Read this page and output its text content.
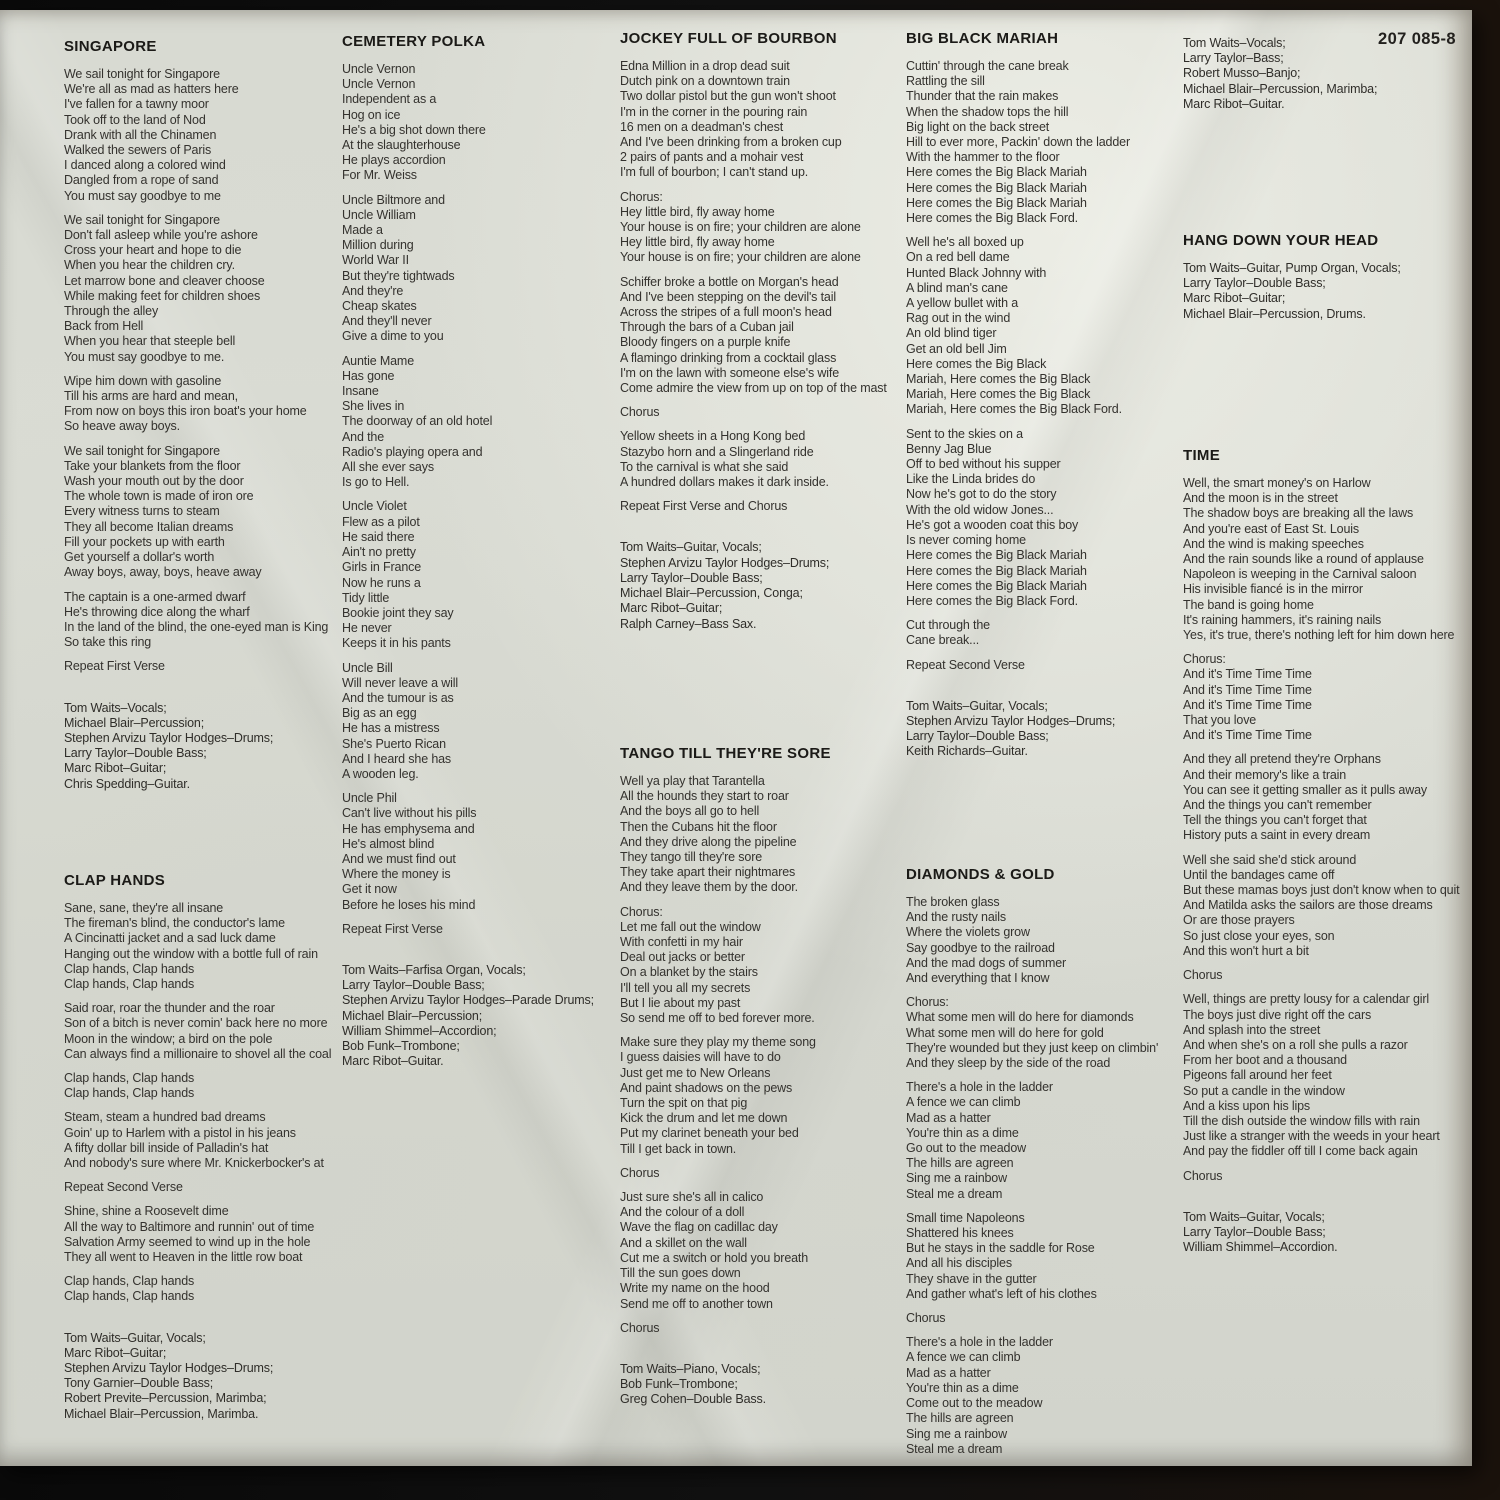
207 085-8
SINGAPORE
We sail tonight for Singapore
We're all as mad as hatters here
I've fallen for a tawny moor
Took off to the land of Nod
Drank with all the Chinamen
Walked the sewers of Paris
I danced along a colored wind
Dangled from a rope of sand
You must say goodbye to me
We sail tonight for Singapore
Don't fall asleep while you're ashore
Cross your heart and hope to die
When you hear the children cry.
Let marrow bone and cleaver choose
While making feet for children shoes
Through the alley
Back from Hell
When you hear that steeple bell
You must say goodbye to me.
Wipe him down with gasoline
Till his arms are hard and mean,
From now on boys this iron boat's your home
So heave away boys.
We sail tonight for Singapore
Take your blankets from the floor
Wash your mouth out by the door
The whole town is made of iron ore
Every witness turns to steam
They all become Italian dreams
Fill your pockets up with earth
Get yourself a dollar's worth
Away boys, away, boys, heave away
The captain is a one-armed dwarf
He's throwing dice along the wharf
In the land of the blind, the one-eyed man is King
So take this ring
Repeat First Verse
Tom Waits–Vocals;
Michael Blair–Percussion;
Stephen Arvizu Taylor Hodges–Drums;
Larry Taylor–Double Bass;
Marc Ribot–Guitar;
Chris Spedding–Guitar.
CLAP HANDS
Sane, sane, they're all insane
The fireman's blind, the conductor's lame
A Cincinatti jacket and a sad luck dame
Hanging out the window with a bottle full of rain
Clap hands, Clap hands
Clap hands, Clap hands
Said roar, roar the thunder and the roar
Son of a bitch is never comin' back here no more
Moon in the window; a bird on the pole
Can always find a millionaire to shovel all the coal
Clap hands, Clap hands
Clap hands, Clap hands
Steam, steam a hundred bad dreams
Goin' up to Harlem with a pistol in his jeans
A fifty dollar bill inside of Palladin's hat
And nobody's sure where Mr. Knickerbocker's at
Repeat Second Verse
Shine, shine a Roosevelt dime
All the way to Baltimore and runnin' out of time
Salvation Army seemed to wind up in the hole
They all went to Heaven in the little row boat
Clap hands, Clap hands
Clap hands, Clap hands
Tom Waits–Guitar, Vocals;
Marc Ribot–Guitar;
Stephen Arvizu Taylor Hodges–Drums;
Tony Garnier–Double Bass;
Robert Previte–Percussion, Marimba;
Michael Blair–Percussion, Marimba.
CEMETERY POLKA
Uncle Vernon
Uncle Vernon
Independent as a
Hog on ice
He's a big shot down there
At the slaughterhouse
He plays accordion
For Mr. Weiss
Uncle Biltmore and
Uncle William
Made a
Million during
World War II
But they're tightwads
And they're
Cheap skates
And they'll never
Give a dime to you
Auntie Mame
Has gone
Insane
She lives in
The doorway of an old hotel
And the
Radio's playing opera and
All she ever says
Is go to Hell.
Uncle Violet
Flew as a pilot
He said there
Ain't no pretty
Girls in France
Now he runs a
Tidy little
Bookie joint they say
He never
Keeps it in his pants
Uncle Bill
Will never leave a will
And the tumour is as
Big as an egg
He has a mistress
She's Puerto Rican
And I heard she has
A wooden leg.
Uncle Phil
Can't live without his pills
He has emphysema and
He's almost blind
And we must find out
Where the money is
Get it now
Before he loses his mind
Repeat First Verse
Tom Waits–Farfisa Organ, Vocals;
Larry Taylor–Double Bass;
Stephen Arvizu Taylor Hodges–Parade Drums;
Michael Blair–Percussion;
William Shimmel–Accordion;
Bob Funk–Trombone;
Marc Ribot–Guitar.
JOCKEY FULL OF BOURBON
Edna Million in a drop dead suit
Dutch pink on a downtown train
Two dollar pistol but the gun won't shoot
I'm in the corner in the pouring rain
16 men on a deadman's chest
And I've been drinking from a broken cup
2 pairs of pants and a mohair vest
I'm full of bourbon; I can't stand up.
Chorus:
Hey little bird, fly away home
Your house is on fire; your children are alone
Hey little bird, fly away home
Your house is on fire; your children are alone
Schiffer broke a bottle on Morgan's head
And I've been stepping on the devil's tail
Across the stripes of a full moon's head
Through the bars of a Cuban jail
Bloody fingers on a purple knife
A flamingo drinking from a cocktail glass
I'm on the lawn with someone else's wife
Come admire the view from up on top of the mast
Chorus
Yellow sheets in a Hong Kong bed
Stazybo horn and a Slingerland ride
To the carnival is what she said
A hundred dollars makes it dark inside.
Repeat First Verse and Chorus
Tom Waits–Guitar, Vocals;
Stephen Arvizu Taylor Hodges–Drums;
Larry Taylor–Double Bass;
Michael Blair–Percussion, Conga;
Marc Ribot–Guitar;
Ralph Carney–Bass Sax.
TANGO TILL THEY'RE SORE
Well ya play that Tarantella
All the hounds they start to roar
And the boys all go to hell
Then the Cubans hit the floor
And they drive along the pipeline
They tango till they're sore
They take apart their nightmares
And they leave them by the door.
Chorus:
Let me fall out the window
With confetti in my hair
Deal out jacks or better
On a blanket by the stairs
I'll tell you all my secrets
But I lie about my past
So send me off to bed forever more.
Make sure they play my theme song
I guess daisies will have to do
Just get me to New Orleans
And paint shadows on the pews
Turn the spit on that pig
Kick the drum and let me down
Put my clarinet beneath your bed
Till I get back in town.
Chorus
Just sure she's all in calico
And the colour of a doll
Wave the flag on cadillac day
And a skillet on the wall
Cut me a switch or hold you breath
Till the sun goes down
Write my name on the hood
Send me off to another town
Chorus
Tom Waits–Piano, Vocals;
Bob Funk–Trombone;
Greg Cohen–Double Bass.
BIG BLACK MARIAH
Cuttin' through the cane break
Rattling the sill
Thunder that the rain makes
When the shadow tops the hill
Big light on the back street
Hill to ever more, Packin' down the ladder
With the hammer to the floor
Here comes the Big Black Mariah
Here comes the Big Black Mariah
Here comes the Big Black Mariah
Here comes the Big Black Ford.
Well he's all boxed up
On a red bell dame
Hunted Black Johnny with
A blind man's cane
A yellow bullet with a
Rag out in the wind
An old blind tiger
Get an old bell Jim
Here comes the Big Black
Mariah, Here comes the Big Black
Mariah, Here comes the Big Black
Mariah, Here comes the Big Black Ford.
Sent to the skies on a
Benny Jag Blue
Off to bed without his supper
Like the Linda brides do
Now he's got to do the story
With the old widow Jones...
He's got a wooden coat this boy
Is never coming home
Here comes the Big Black Mariah
Here comes the Big Black Mariah
Here comes the Big Black Mariah
Here comes the Big Black Ford.
Cut through the
Cane break...
Repeat Second Verse
Tom Waits–Guitar, Vocals;
Stephen Arvizu Taylor Hodges–Drums;
Larry Taylor–Double Bass;
Keith Richards–Guitar.
DIAMONDS & GOLD
The broken glass
And the rusty nails
Where the violets grow
Say goodbye to the railroad
And the mad dogs of summer
And everything that I know
Chorus:
What some men will do here for diamonds
What some men will do here for gold
They're wounded but they just keep on climbin'
And they sleep by the side of the road
There's a hole in the ladder
A fence we can climb
Mad as a hatter
You're thin as a dime
Go out to the meadow
The hills are agreen
Sing me a rainbow
Steal me a dream
Small time Napoleons
Shattered his knees
But he stays in the saddle for Rose
And all his disciples
They shave in the gutter
And gather what's left of his clothes
Chorus
There's a hole in the ladder
A fence we can climb
Mad as a hatter
You're thin as a dime
Come out to the meadow
The hills are agreen
Sing me a rainbow
Steal me a dream
Tom Waits–Vocals;
Larry Taylor–Bass;
Robert Musso–Banjo;
Michael Blair–Percussion, Marimba;
Marc Ribot–Guitar.
HANG DOWN YOUR HEAD
Tom Waits–Guitar, Pump Organ, Vocals;
Larry Taylor–Double Bass;
Marc Ribot–Guitar;
Michael Blair–Percussion, Drums.
TIME
Well, the smart money's on Harlow
And the moon is in the street
The shadow boys are breaking all the laws
And you're east of East St. Louis
And the wind is making speeches
And the rain sounds like a round of applause
Napoleon is weeping in the Carnival saloon
His invisible fiancé is in the mirror
The band is going home
It's raining hammers, it's raining nails
Yes, it's true, there's nothing left for him down here
Chorus:
And it's Time Time Time
And it's Time Time Time
And it's Time Time Time
That you love
And it's Time Time Time
And they all pretend they're Orphans
And their memory's like a train
You can see it getting smaller as it pulls away
And the things you can't remember
Tell the things you can't forget that
History puts a saint in every dream
Well she said she'd stick around
Until the bandages came off
But these mamas boys just don't know when to quit
And Matilda asks the sailors are those dreams
Or are those prayers
So just close your eyes, son
And this won't hurt a bit
Chorus
Well, things are pretty lousy for a calendar girl
The boys just dive right off the cars
And splash into the street
And when she's on a roll she pulls a razor
From her boot and a thousand
Pigeons fall around her feet
So put a candle in the window
And a kiss upon his lips
Till the dish outside the window fills with rain
Just like a stranger with the weeds in your heart
And pay the fiddler off till I come back again
Chorus
Tom Waits–Guitar, Vocals;
Larry Taylor–Double Bass;
William Shimmel–Accordion.
